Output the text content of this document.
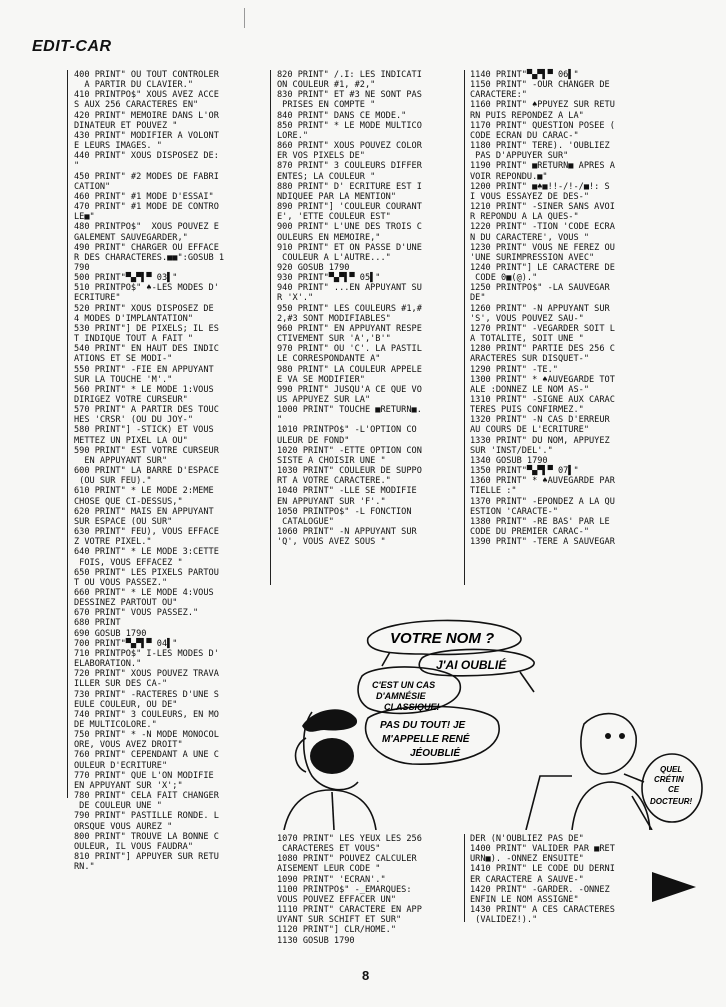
EDIT-CAR
400 PRINT" OU TOUT CONTROLER
A PARTIR DU CLAVIER."
410 PRINTPO$" XOUS AVEZ ACCE
S AUX 256 CARACTERES EN"
420 PRINT" MEMOIRE DANS L'OR
DINATEUR ET POUVEZ "
430 PRINT" MODIFIER A VOLONT
E LEURS IMAGES. "
440 PRINT" XOUS DISPOSEZ DE:
"
450 PRINT" #2 MODES DE FABRI
CATION"
460 PRINT" #1 MODE D'ESSAI"
470 PRINT" #1 MODE DE CONTRO
LE■"
480 PRINTPO$"  XOUS POUVEZ E
GALEMENT SAUVEGARDER,"
490 PRINT" CHARGER OU EFFACE
R DES CHARACTERES.■■":GOSUB 1
790
500 PRINT"▀▄▀▌▀ 03▌"
510 PRINTPO$" ♠-LES MODES D'
ECRITURE"
520 PRINT" XOUS DISPOSEZ DE
4 MODES D'IMPLANTATION"
530 PRINT"] DE PIXELS; IL ES
T INDIQUE TOUT A FAIT "
540 PRINT" EN HAUT DES INDIC
ATIONS ET SE MODI-"
550 PRINT" -FIE EN APPUYANT
SUR LA TOUCHE 'M'."
560 PRINT" * LE MODE 1:VOUS
DIRIGEZ VOTRE CURSEUR"
570 PRINT" A PARTIR DES TOUC
HES 'CRSR' (OU DU JOY-"
580 PRINT"] -STICK) ET VOUS
METTEZ UN PIXEL LA OU"
590 PRINT" EST VOTRE CURSEUR
EN APPUYANT SUR"
600 PRINT" LA BARRE D'ESPACE
(OU SUR FEU)."
610 PRINT" * LE MODE 2:MEME
CHOSE QUE CI-DESSUS,"
620 PRINT" MAIS EN APPUYANT
SUR ESPACE (OU SUR"
630 PRINT" FEU), VOUS EFFACE
Z VOTRE PIXEL."
640 PRINT" * LE MODE 3:CETTE
FOIS, VOUS EFFACEZ "
650 PRINT" LES PIXELS PARTOU
T OU VOUS PASSEZ."
660 PRINT" * LE MODE 4:VOUS
DESSINEZ PARTOUT OU"
670 PRINT" VOUS PASSEZ."
680 PRINT
690 GOSUB 1790
700 PRINT"▀▄▀▌▀ 04▌"
710 PRINTPO$" I-LES MODES D'
ELABORATION."
720 PRINT" XOUS POUVEZ TRAVA
ILLER SUR DES CA-"
730 PRINT" -RACTERES D'UNE S
EULE COULEUR, OU DE"
740 PRINT" 3 COULEURS, EN MO
DE MULTICOLORE."
750 PRINT" * -N MODE MONOCOL
ORE, VOUS AVEZ DROIT"
760 PRINT" CEPENDANT A UNE C
OULEUR D'ECRITURE"
770 PRINT" QUE L'ON MODIFIE
EN APPUYANT SUR 'X';"
780 PRINT" CELA FAIT CHANGER
DE COULEUR UNE "
790 PRINT" PASTILLE RONDE. L
ORSQUE VOUS AUREZ "
800 PRINT" TROUVE LA BONNE C
OULEUR, IL VOUS FAUDRA"
810 PRINT"] APPUYER SUR RETU
RN."
820 PRINT" /.I: LES INDICATI
ON COULEUR #1, #2,"
830 PRINT" ET #3 NE SONT PAS
PRISES EN COMPTE "
840 PRINT" DANS CE MODE."
850 PRINT" * LE MODE MULTICO
LORE."
860 PRINT" XOUS POUVEZ COLOR
ER VOS PIXELS DE"
870 PRINT" 3 COULEURS DIFFER
ENTES; LA COULEUR "
880 PRINT" D' ECRITURE EST I
NDIQUEE PAR LA MENTION"
890 PRINT"] 'COULEUR COURANT
E', 'ETTE COULEUR EST"
900 PRINT" L'UNE DES TROIS C
OULEURS EN MEMOIRE,"
910 PRINT" ET ON PASSE D'UNE
COULEUR A L'AUTRE..."
920 GOSUB 1790
930 PRINT"▀▄▀▌▀ 05▌"
940 PRINT" ...EN APPUYANT SU
R 'X'."
950 PRINT" LES COULEURS #1,#
2,#3 SONT MODIFIABLES"
960 PRINT" EN APPUYANT RESPE
CTIVEMENT SUR 'A','B'"
970 PRINT" OU 'C'. LA PASTIL
LE CORRESPONDANTE A"
980 PRINT" LA COULEUR APPELE
E VA SE MODIFIER"
990 PRINT" JUSQU'A CE QUE VO
US APPUYEZ SUR LA"
1000 PRINT" TOUCHE ■RETURN■.
"
1010 PRINTPO$" -L'OPTION CO
ULEUR DE FOND"
1020 PRINT" -ETTE OPTION CON
SISTE A CHOISIR UNE "
1030 PRINT" COULEUR DE SUPPO
RT A VOTRE CARACTERE."
1040 PRINT" -LLE SE MODIFIE
EN APPUYANT SUR 'F'."
1050 PRINTPO$" -L FONCTION
CATALOGUE"
1060 PRINT" -N APPUYANT SUR
'Q', VOUS AVEZ SOUS "
1140 PRINT"▀▄▀▌▀ 06▌"
1150 PRINT" -OUR CHANGER DE
CARACTERE:"
1160 PRINT" ♠PPUYEZ SUR RETU
RN PUIS REPONDEZ A LA"
1170 PRINT" QUESTION POSEE (
CODE ECRAN DU CARAC-"
1180 PRINT" TERE). 'OUBLIEZ
PAS D'APPUYER SUR"
1190 PRINT" ■RETURN■ APRES A
VOIR REPONDU.■"
1200 PRINT" ■♠■!!-/!-/■!: S
I VOUS ESSAYEZ DE DES-"
1210 PRINT" -SINER SANS AVOI
R REPONDU A LA QUES-"
1220 PRINT" -TION 'CODE ECRA
N DU CARACTERE', VOUS "
1230 PRINT" VOUS NE FEREZ OU
'UNE SURIMPRESSION AVEC"
1240 PRINT"] LE CARACTERE DE
CODE 0■(@)."
1250 PRINTPO$" -LA SAUVEGAR
DE"
1260 PRINT" -N APPUYANT SUR
'S', VOUS POUVEZ SAU-"
1270 PRINT" -VEGARDER SOIT L
A TOTALITE, SOIT UNE "
1280 PRINT" PARTIE DES 256 C
ARACTERES SUR DISQUET-"
1290 PRINT" -TE."
1300 PRINT" * ♠AUVEGARDE TOT
ALE :DONNEZ LE NOM AS-"
1310 PRINT" -SIGNE AUX CARAC
TERES PUIS CONFIRMEZ."
1320 PRINT" -N CAS D'ERREUR
AU COURS DE L'ECRITURE"
1330 PRINT" DU NOM, APPUYEZ
SUR 'INST/DEL'."
1340 GOSUB 1790
1350 PRINT"▀▄▀▌▀ 07▌"
1360 PRINT" * ♠AUVEGARDE PAR
TIELLE :"
1370 PRINT" -EPONDEZ A LA QU
ESTION 'CARACTE-"
1380 PRINT" -RE BAS' PAR LE
CODE DU PREMIER CARAC-"
1390 PRINT" -TERE A SAUVEGAR
1070 PRINT" LES YEUX LES 256
CARACTERES ET VOUS"
1080 PRINT" POUVEZ CALCULER
AISEMENT LEUR CODE "
1090 PRINT" 'ECRAN'."
1100 PRINTPO$" -_EMARQUES:
VOUS POUVEZ EFFACER UN"
1110 PRINT" CARACTERE EN APP
UYANT SUR SCHIFT ET SUR"
1120 PRINT"] CLR/HOME."
1130 GOSUB 1790
DER (N'OUBLIEZ PAS DE"
1400 PRINT" VALIDER PAR ■RET
URN■). -ONNEZ ENSUITE"
1410 PRINT" LE CODE DU DERNI
ER CARACTERE A SAUVE-"
1420 PRINT" -GARDER. -ONNEZ
ENFIN LE NOM ASSIGNE"
1430 PRINT" A CES CARACTERES
(VALIDEZ!)."
VOTRE NOM ?
J'AI OUBLIÉ
C'EST UN CAS
D'AMNÉSIE
CLASSIQUE!
PAS DU TOUT! JE
M'APPELLE RENÉ
JÉOUBLIÉ
QUEL
CRÉTIN
CE
DOCTEUR!
8
